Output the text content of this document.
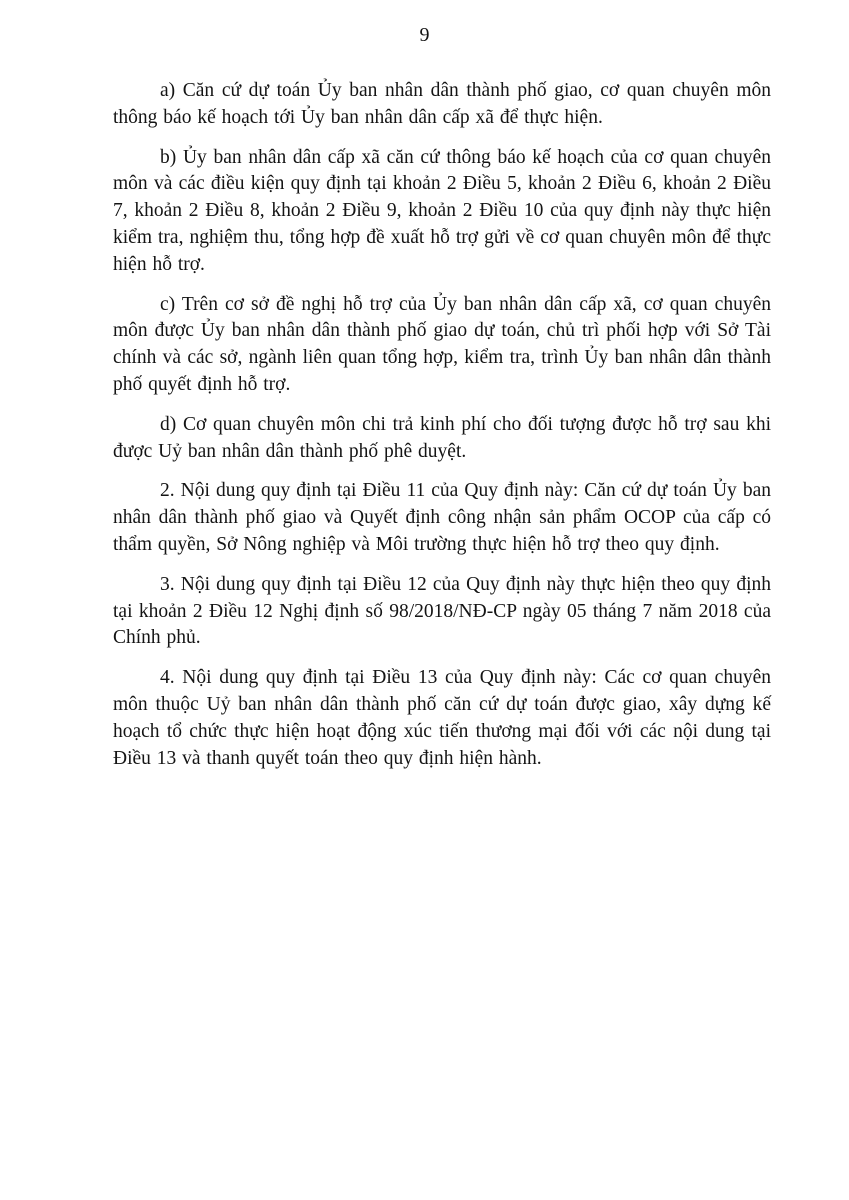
9

a) Căn cứ dự toán Ủy ban nhân dân thành phố giao, cơ quan chuyên môn thông báo kế hoạch tới Ủy ban nhân dân cấp xã để thực hiện.

b) Ủy ban nhân dân cấp xã căn cứ thông báo kế hoạch của cơ quan chuyên môn và các điều kiện quy định tại khoản 2 Điều 5, khoản 2 Điều 6, khoản 2 Điều 7, khoản 2 Điều 8, khoản 2 Điều 9, khoản 2 Điều 10 của quy định này thực hiện kiểm tra, nghiệm thu, tổng hợp đề xuất hỗ trợ gửi về cơ quan chuyên môn để thực hiện hỗ trợ.

c) Trên cơ sở đề nghị hỗ trợ của Ủy ban nhân dân cấp xã, cơ quan chuyên môn được Ủy ban nhân dân thành phố giao dự toán, chủ trì phối hợp với Sở Tài chính và các sở, ngành liên quan tổng hợp, kiểm tra, trình Ủy ban nhân dân thành phố quyết định hỗ trợ.

d) Cơ quan chuyên môn chi trả kinh phí cho đối tượng được hỗ trợ sau khi được Uỷ ban nhân dân thành phố phê duyệt.

2. Nội dung quy định tại Điều 11 của Quy định này: Căn cứ dự toán Ủy ban nhân dân thành phố giao và Quyết định công nhận sản phẩm OCOP của cấp có thẩm quyền, Sở Nông nghiệp và Môi trường thực hiện hỗ trợ theo quy định.

3. Nội dung quy định tại Điều 12 của Quy định này thực hiện theo quy định tại khoản 2 Điều 12 Nghị định số 98/2018/NĐ-CP ngày 05 tháng 7 năm 2018 của Chính phủ.

4. Nội dung quy định tại Điều 13 của Quy định này: Các cơ quan chuyên môn thuộc Uỷ ban nhân dân thành phố căn cứ dự toán được giao, xây dựng kế hoạch tổ chức thực hiện hoạt động xúc tiến thương mại đối với các nội dung tại Điều 13 và thanh quyết toán theo quy định hiện hành.
